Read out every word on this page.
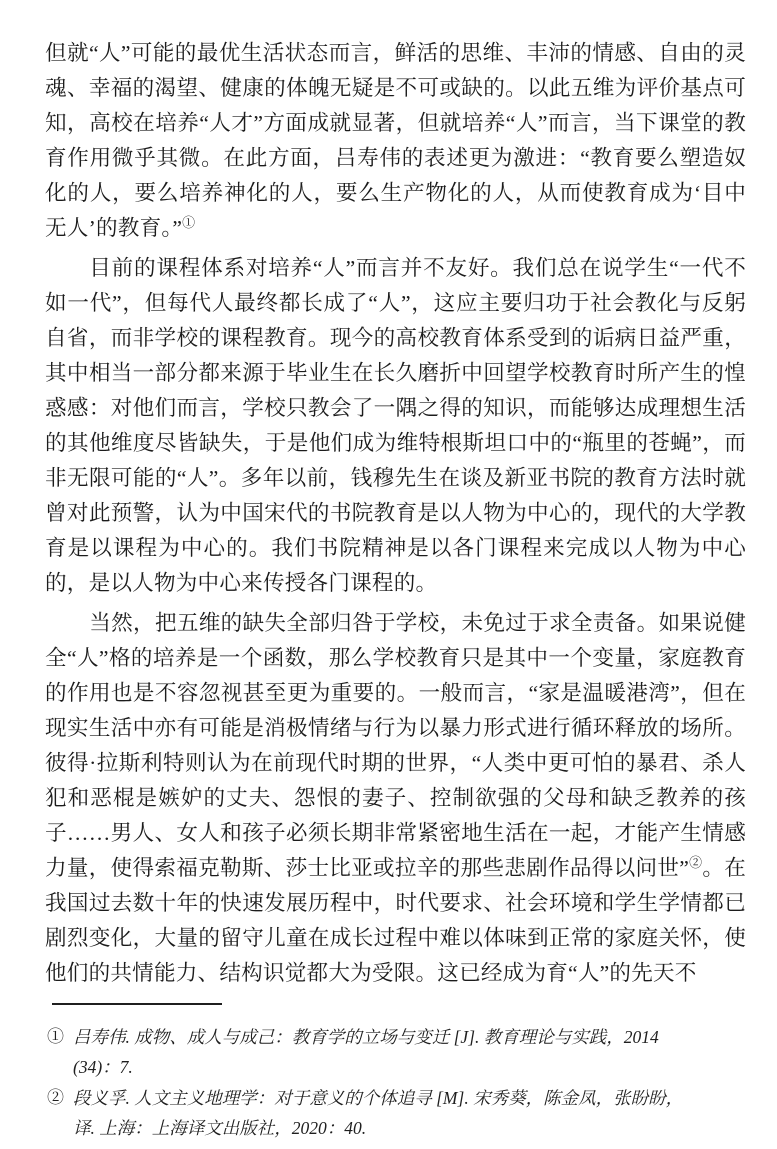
但就“人”可能的最优生活状态而言，鲜活的思维、丰沛的情感、自由的灵魂、幸福的渴望、健康的体魄无疑是不可或缺的。以此五维为评价基点可知，高校在培养“人才”方面成就显著，但就培养“人”而言，当下课堂的教育作用微乎其微。在此方面，吕寿伟的表述更为激进：“教育要么塑造奴化的人，要么培养神化的人，要么生产物化的人，从而使教育成为‘目中无人’的教育。”①

目前的课程体系对培养“人”而言并不友好。我们总在说学生“一代不如一代”，但每代人最终都长成了“人”，这应主要归功于社会教化与反躬自省，而非学校的课程教育。现今的高校教育体系受到的诟病日益严重，其中相当一部分都来源于毕业生在长久磨折中回望学校教育时所产生的惶惑感：对他们而言，学校只教会了一隅之得的知识，而能够达成理想生活的其他维度尽皆缺失，于是他们成为维特根斯坦口中的“瓶里的苍蝇”，而非无限可能的“人”。多年以前，钱穆先生在谈及新亚书院的教育方法时就曾对此预警，认为中国宋代的书院教育是以人物为中心的，现代的大学教育是以课程为中心的。我们书院精神是以各门课程来完成以人物为中心的，是以人物为中心来传授各门课程的。

当然，把五维的缺失全部归咎于学校，未免过于求全责备。如果说健全“人”格的培养是一个函数，那么学校教育只是其中一个变量，家庭教育的作用也是不容忽视甚至更为重要的。一般而言，“家是温暖港湾”，但在现实生活中亦有可能是消极情绪与行为以暴力形式进行循环释放的场所。彼得·拉斯利特则认为在前现代时期的世界，“人类中更可怕的暴君、杀人犯和恶棍是嫉妒的丈夫、怨恨的妻子、控制欲强的父母和缺乏教养的孩子……男人、女人和孩子必须长期非常紧密地生活在一起，才能产生情感力量，使得索福克勒斯、莎士比亚或拉辛的那些悲剧作品得以问世”②。在我国过去数十年的快速发展历程中，时代要求、社会环境和学生学情都已剧烈变化，大量的留守儿童在成长过程中难以体味到正常的家庭关怀，使他们的共情能力、结构识觉都大为受限。这已经成为育“人”的先天不

① 吕寿伟. 成物、成人与成己：教育学的立场与变迁 [J]. 教育理论与实践，2014
(34)：7.
② 段义孚. 人文主义地理学：对于意义的个体追寻 [M]. 宋秀葵，陈金凤，张盼盼，
译. 上海：上海译文出版社，2020：40.
